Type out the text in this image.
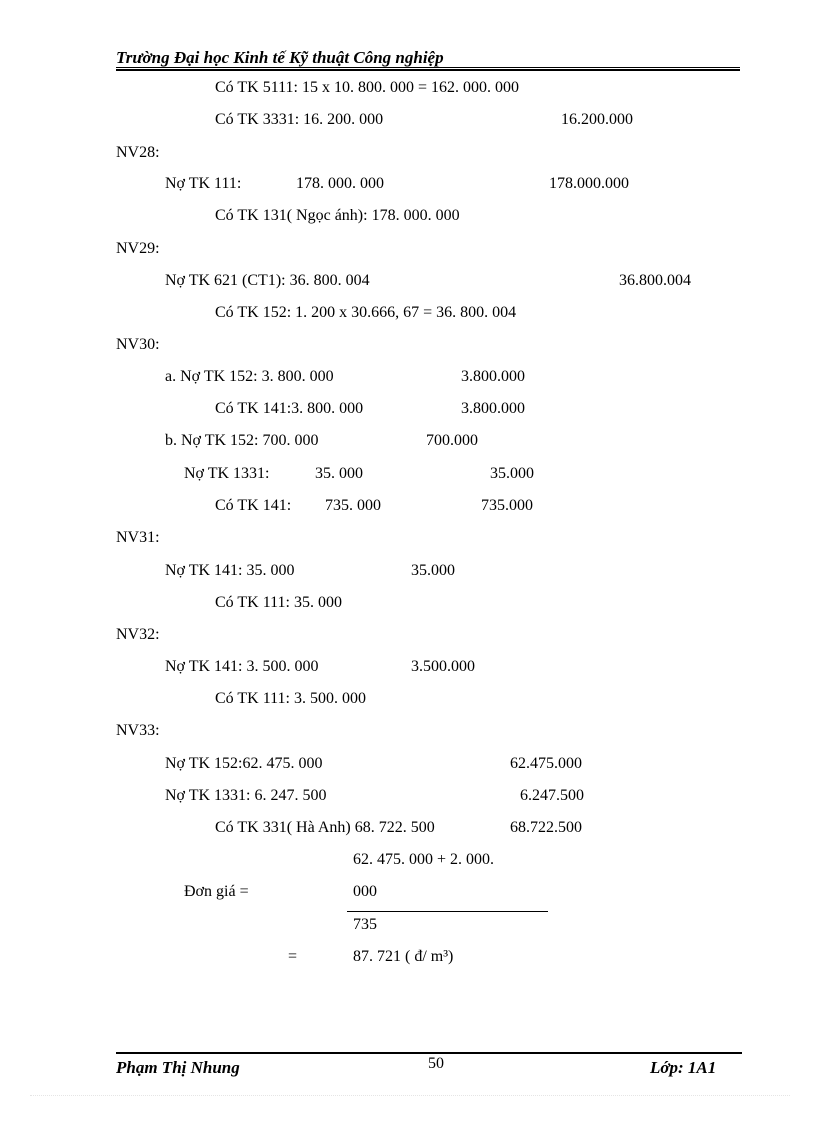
Trường Đại học Kinh tế Kỹ thuật Công nghiệp
Có TK 5111: 15 x 10. 800. 000 = 162. 000. 000
Có TK 3331: 16. 200. 000	16.200.000
NV28:
Nợ TK 111:	178. 000. 000	178.000.000
Có TK 131( Ngọc ánh): 178. 000. 000
NV29:
Nợ TK 621 (CT1): 36. 800. 004	36.800.004
Có TK 152: 1. 200 x 30.666, 67 = 36. 800. 004
NV30:
a. Nợ TK 152: 3. 800. 000	3.800.000
Có TK 141:3. 800. 000	3.800.000
b. Nợ TK 152: 700. 000	700.000
Nợ TK 1331:	35. 000	35.000
Có TK 141: 735. 000	735.000
NV31:
Nợ TK 141: 35. 000	35.000
Có TK 111: 35. 000
NV32:
Nợ TK 141: 3. 500. 000	3.500.000
Có TK 111: 3. 500. 000
NV33:
Nợ TK 152:62. 475. 000	62.475.000
Nợ TK 1331: 6. 247. 500	6.247.500
Có TK 331( Hà Anh) 68. 722. 500	68.722.500
62. 475. 000 + 2. 000.
Đơn giá =	000
735
=	87. 721 ( đ/ m³)
Phạm Thị Nhung	50	Lớp: 1A1
